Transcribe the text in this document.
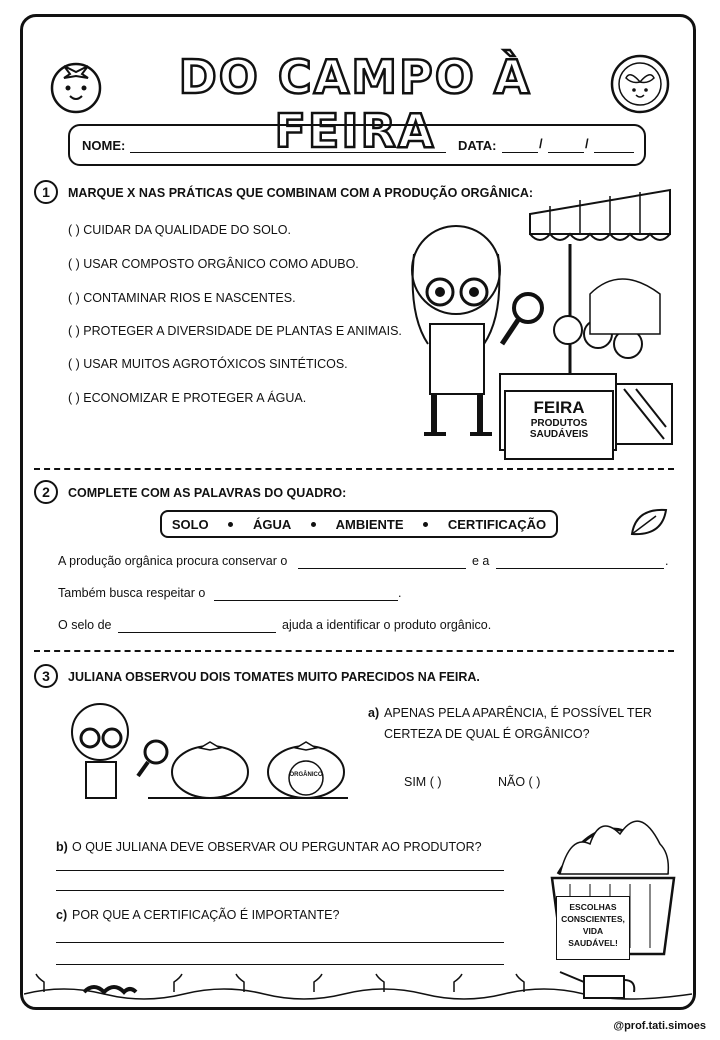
DO CAMPO À FEIRA
NOME:	DATA:	/	/
1	MARQUE X NAS PRÁTICAS QUE COMBINAM COM A PRODUÇÃO ORGÂNICA:
( ) CUIDAR DA QUALIDADE DO SOLO.
( ) USAR COMPOSTO ORGÂNICO COMO ADUBO.
( ) CONTAMINAR RIOS E NASCENTES.
( ) PROTEGER A DIVERSIDADE DE PLANTAS E ANIMAIS.
( ) USAR MUITOS AGROTÓXICOS SINTÉTICOS.
( ) ECONOMIZAR E PROTEGER A ÁGUA.	FEIRA
PRODUTOS
SAUDÁVEIS
2	COMPLETE COM AS PALAVRAS DO QUADRO:
SOLO	ÁGUA	AMBIENTE	CERTIFICAÇÃO
A produção orgânica procura conservar o	e a	.
Também busca respeitar o	.
O selo de	ajuda a identificar o produto orgânico.
3	JULIANA OBSERVOU DOIS TOMATES MUITO PARECIDOS NA FEIRA.
ORGÂNICO
a) APENAS PELA APARÊNCIA, É POSSÍVEL TER
CERTEZA DE QUAL É ORGÂNICO?
SIM ( )	NÃO ( )
b) O QUE JULIANA DEVE OBSERVAR OU PERGUNTAR AO PRODUTOR?
c) POR QUE A CERTIFICAÇÃO É IMPORTANTE?
ESCOLHAS
CONSCIENTES,
VIDA
SAUDÁVEL!
@prof.tati.simoes
